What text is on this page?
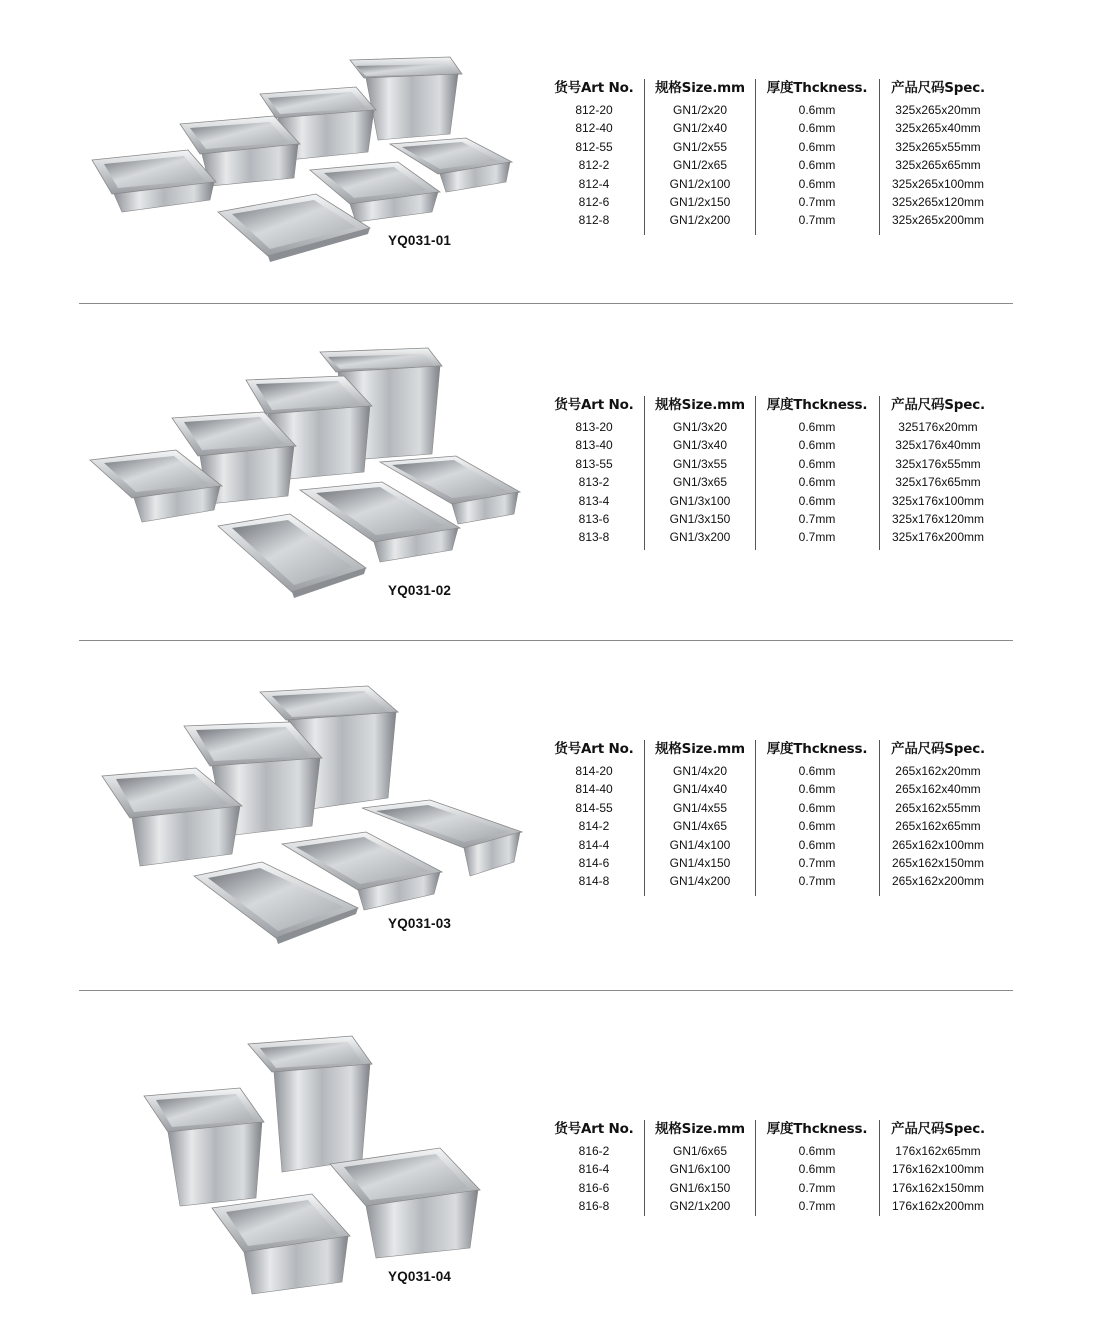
YQ031-01
货号Art No.
812-20
812-40
812-55
812-2
812-4
812-6
812-8
规格Size.mm
GN1/2x20
GN1/2x40
GN1/2x55
GN1/2x65
GN1/2x100
GN1/2x150
GN1/2x200
厚度Thckness.
0.6mm
0.6mm
0.6mm
0.6mm
0.6mm
0.7mm
0.7mm
产品尺码Spec.
325x265x20mm
325x265x40mm
325x265x55mm
325x265x65mm
325x265x100mm
325x265x120mm
325x265x200mm
YQ031-02
货号Art No.
813-20
813-40
813-55
813-2
813-4
813-6
813-8
规格Size.mm
GN1/3x20
GN1/3x40
GN1/3x55
GN1/3x65
GN1/3x100
GN1/3x150
GN1/3x200
厚度Thckness.
0.6mm
0.6mm
0.6mm
0.6mm
0.6mm
0.7mm
0.7mm
产品尺码Spec.
325176x20mm
325x176x40mm
325x176x55mm
325x176x65mm
325x176x100mm
325x176x120mm
325x176x200mm
YQ031-03
货号Art No.
814-20
814-40
814-55
814-2
814-4
814-6
814-8
规格Size.mm
GN1/4x20
GN1/4x40
GN1/4x55
GN1/4x65
GN1/4x100
GN1/4x150
GN1/4x200
厚度Thckness.
0.6mm
0.6mm
0.6mm
0.6mm
0.6mm
0.7mm
0.7mm
产品尺码Spec.
265x162x20mm
265x162x40mm
265x162x55mm
265x162x65mm
265x162x100mm
265x162x150mm
265x162x200mm
YQ031-04
货号Art No.
816-2
816-4
816-6
816-8
规格Size.mm
GN1/6x65
GN1/6x100
GN1/6x150
GN2/1x200
厚度Thckness.
0.6mm
0.6mm
0.7mm
0.7mm
产品尺码Spec.
176x162x65mm
176x162x100mm
176x162x150mm
176x162x200mm
